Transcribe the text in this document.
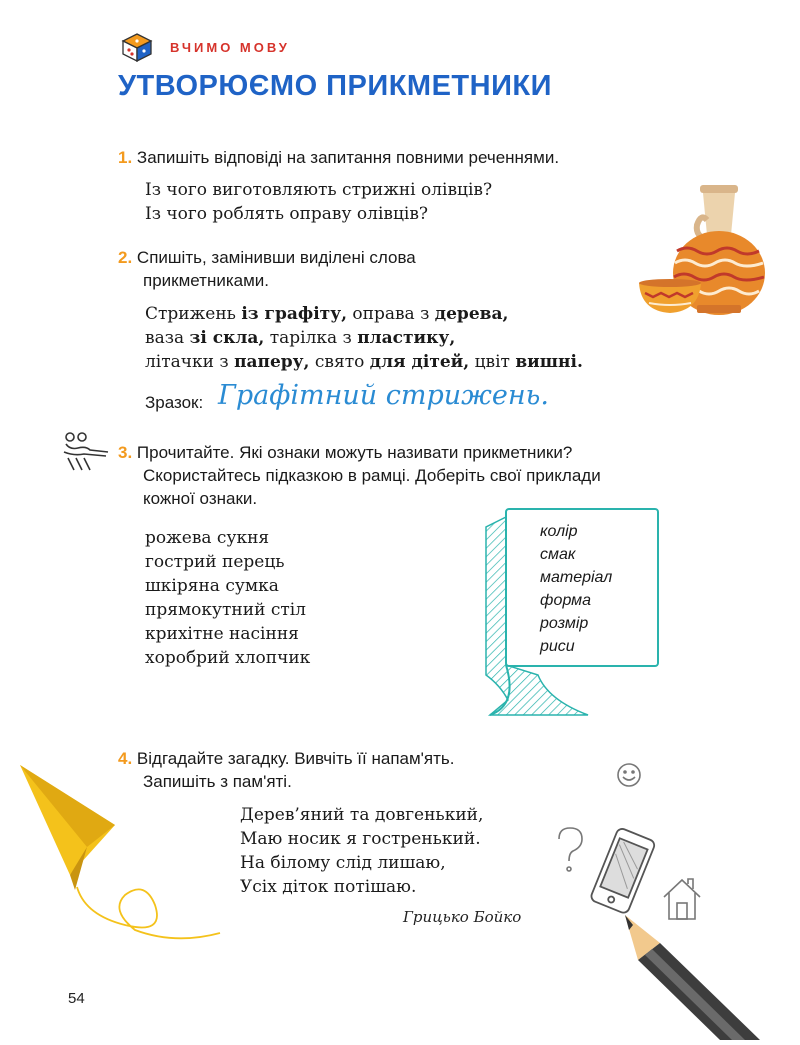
ВЧИМО МОВУ
УТВОРЮЄМО ПРИКМЕТНИКИ
1. Запишіть відповіді на запитання повними реченнями.
Із чого виготовляють стрижні олівців?
Із чого роблять оправу олівців?
2. Спишіть, замінивши виділені слова
прикметниками.
Стрижень із графіту, оправа з дерева,
ваза зі скла, тарілка з пластику,
літачки з паперу, свято для дітей, цвіт вишні.
Зразок: Графітний стрижень.
3. Прочитайте. Які ознаки можуть називати прикметники?
Скористайтесь підказкою в рамці. Доберіть свої приклади
кожної ознаки.
рожева сукня
гострий перець
шкіряна сумка
прямокутний стіл
крихітне насіння
хоробрий хлопчик
колір
смак
матеріал
форма
розмір
риси
4. Відгадайте загадку. Вивчіть її напам'ять.
Запишіть з пам'яті.
Дерев’яний та довгенький,
Маю носик я гостренький.
На білому слід лишаю,
Усіх діток потішаю.
Грицько Бойко
54
